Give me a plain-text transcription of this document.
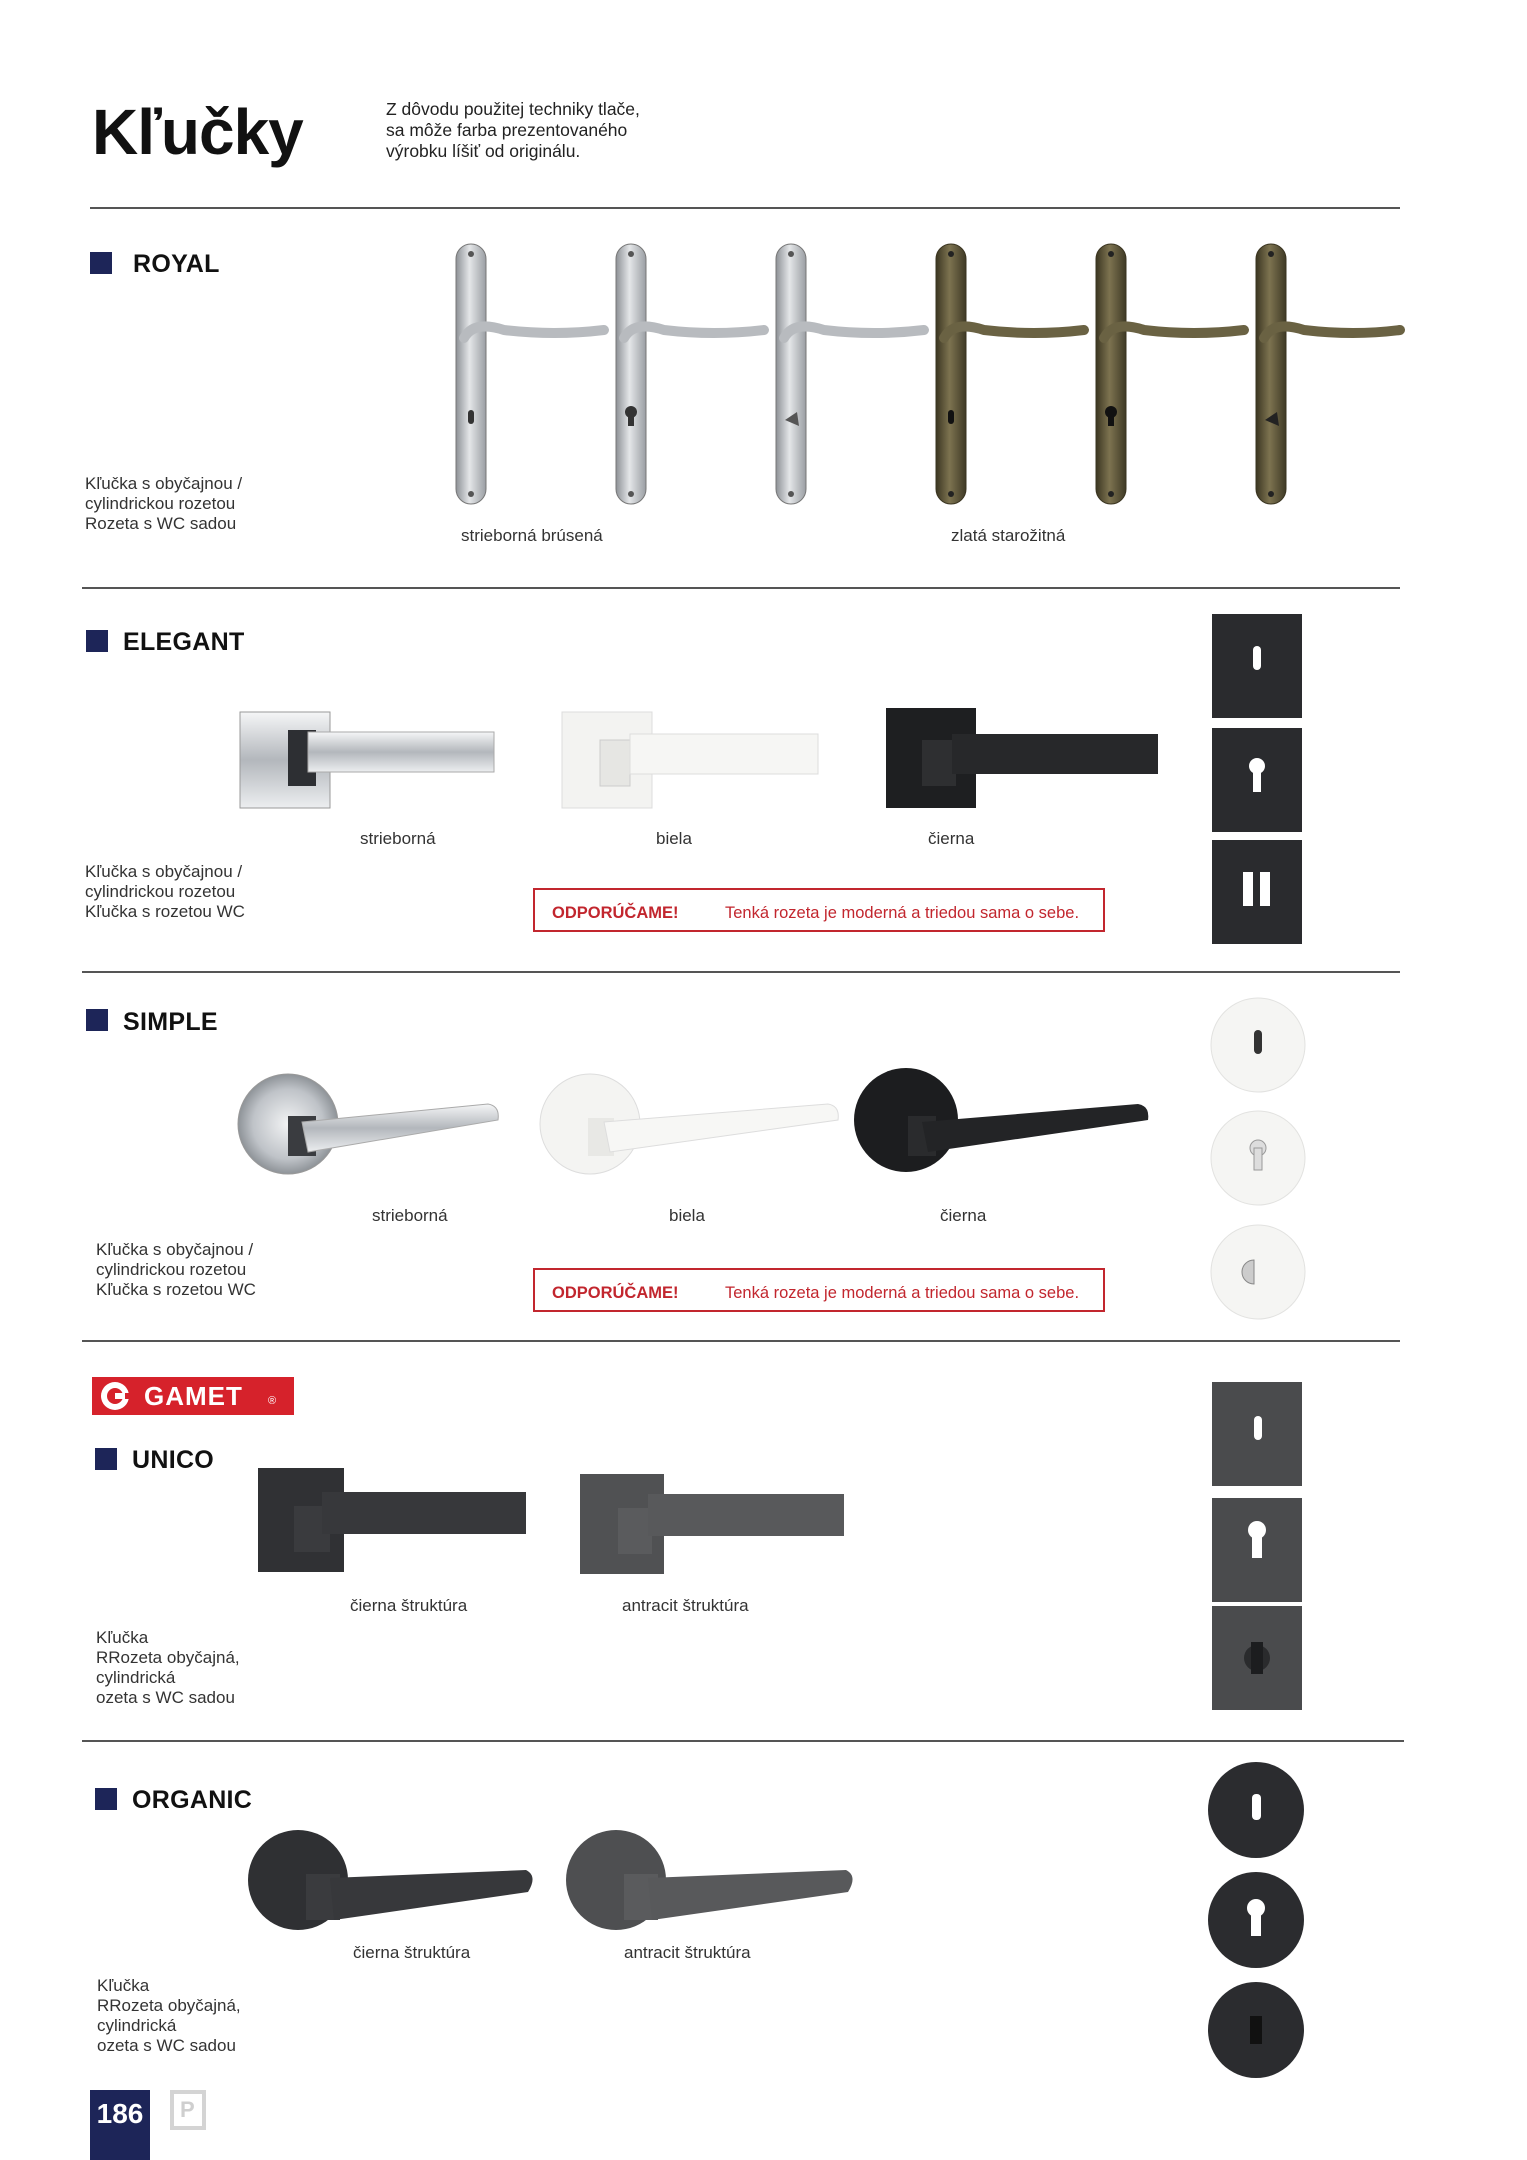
Kľučky	Z dôvodu použitej techniky tlače,
sa môže farba prezentovaného
výrobku líšiť od originálu.
ROYAL
Kľučka s obyčajnou /
cylindrickou rozetou
Rozeta s WC sadou
strieborná brúsená	zlatá starožitná
ELEGANT
strieborná	biela	čierna
Kľučka s obyčajnou /
cylindrickou rozetou
Kľučka s rozetou WC	ODPORÚČAME!	Tenká rozeta je moderná a triedou sama o sebe.
SIMPLE
strieborná	biela	čierna
Kľučka s obyčajnou /
cylindrickou rozetou
Kľučka s rozetou WC	ODPORÚČAME!	Tenká rozeta je moderná a triedou sama o sebe.
GAMET ®
UNICO
čierna štruktúra	antracit štruktúra
Kľučka
RRozeta obyčajná,
cylindrická
ozeta s WC sadou
ORGANIC
čierna štruktúra	antracit štruktúra
Kľučka
RRozeta obyčajná,
cylindrická
ozeta s WC sadou
186	P
